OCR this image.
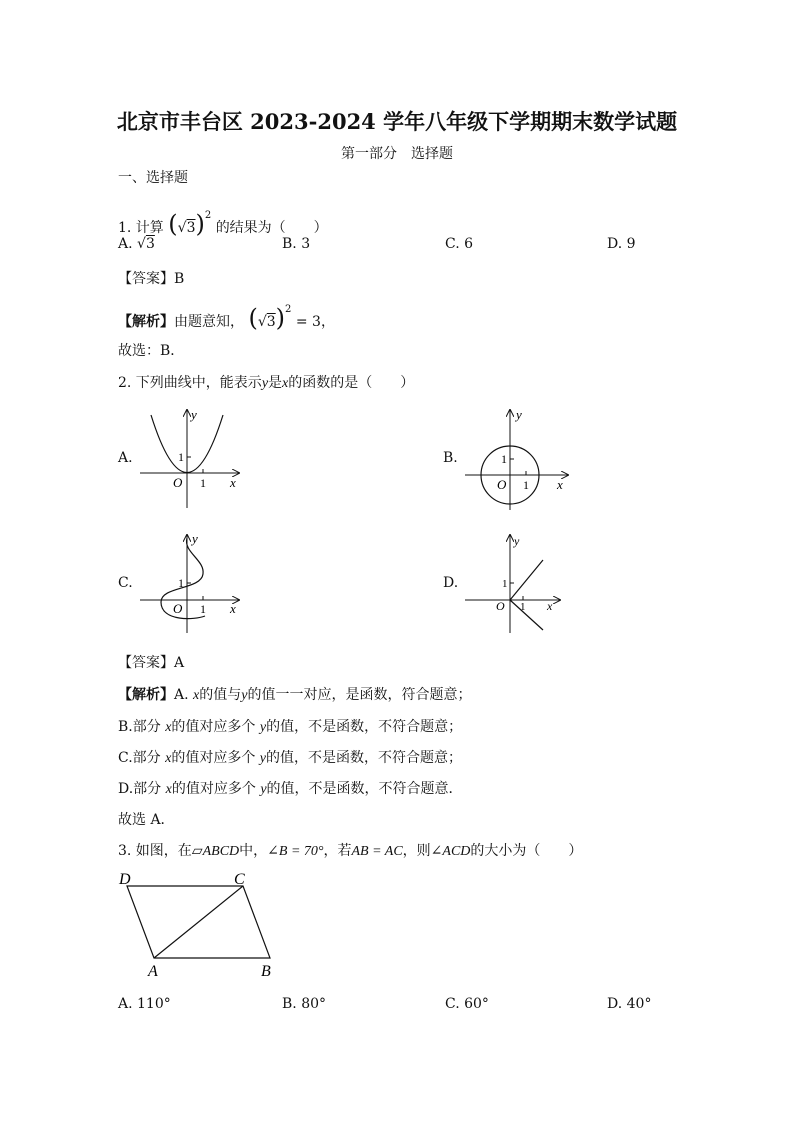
北京市丰台区 2023-2024 学年八年级下学期期末数学试题
第一部分　选择题
一、选择题
1. 计算 $(√3)^2$ 的结果为（　　）
A. √3	B. 3	C. 6	D. 9
【答案】B
【解析】由题意知， $(√3)^2 = 3$，
故选：B．
2. 下列曲线中，能表示y是x的函数的是（　　）
A.
y
x
O 1
1	B.
y
x
O 1
1
C.
y
x
O 1
1	D.
y
x
O 1
1
【答案】A
【解析】A. x的值与y的值一一对应，是函数，符合题意；
B.部分 x的值对应多个 y的值，不是函数，不符合题意；
C.部分 x的值对应多个 y的值，不是函数，不符合题意；
D.部分 x的值对应多个 y的值，不是函数，不符合题意．
故选 A．
3. 如图，在▱ABCD中，∠B = 70°，若AB = AC，则∠ACD的大小为（　　）
D	C
A	B
A. 110°	B. 80°	C. 60°	D. 40°
